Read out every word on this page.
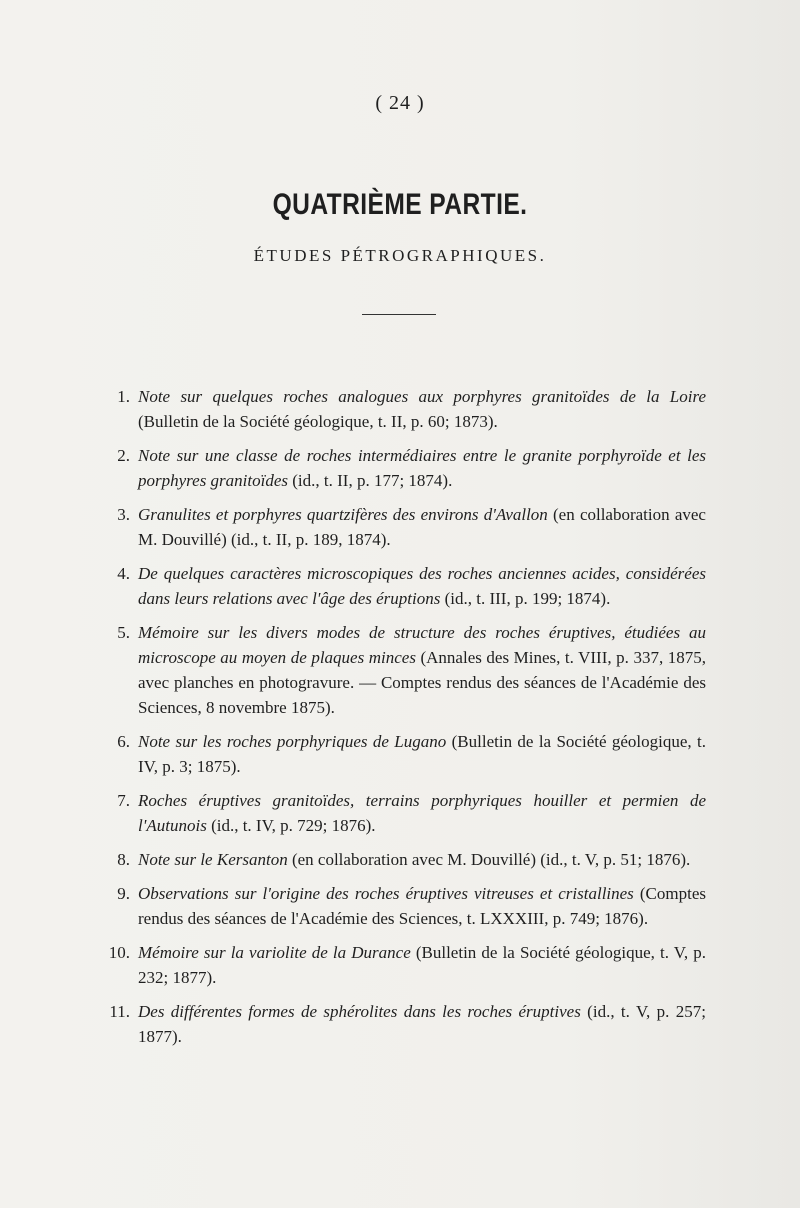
( 24 )
QUATRIÈME PARTIE.
ÉTUDES PÉTROGRAPHIQUES.
1. Note sur quelques roches analogues aux porphyres granitoïdes de la Loire (Bulletin de la Société géologique, t. II, p. 60; 1873).
2. Note sur une classe de roches intermédiaires entre le granite porphyroïde et les porphyres granitoïdes (id., t. II, p. 177; 1874).
3. Granulites et porphyres quartzifères des environs d'Avallon (en collaboration avec M. Douvillé) (id., t. II, p. 189, 1874).
4. De quelques caractères microscopiques des roches anciennes acides, considérées dans leurs relations avec l'âge des éruptions (id., t. III, p. 199; 1874).
5. Mémoire sur les divers modes de structure des roches éruptives, étudiées au microscope au moyen de plaques minces (Annales des Mines, t. VIII, p. 337, 1875, avec planches en photogravure. — Comptes rendus des séances de l'Académie des Sciences, 8 novembre 1875).
6. Note sur les roches porphyriques de Lugano (Bulletin de la Société géologique, t. IV, p. 3; 1875).
7. Roches éruptives granitoïdes, terrains porphyriques houiller et permien de l'Autunois (id., t. IV, p. 729; 1876).
8. Note sur le Kersanton (en collaboration avec M. Douvillé) (id., t. V, p. 51; 1876).
9. Observations sur l'origine des roches éruptives vitreuses et cristallines (Comptes rendus des séances de l'Académie des Sciences, t. LXXXIII, p. 749; 1876).
10. Mémoire sur la variolite de la Durance (Bulletin de la Société géologique, t. V, p. 232; 1877).
11. Des différentes formes de sphérolites dans les roches éruptives (id., t. V, p. 257; 1877).
